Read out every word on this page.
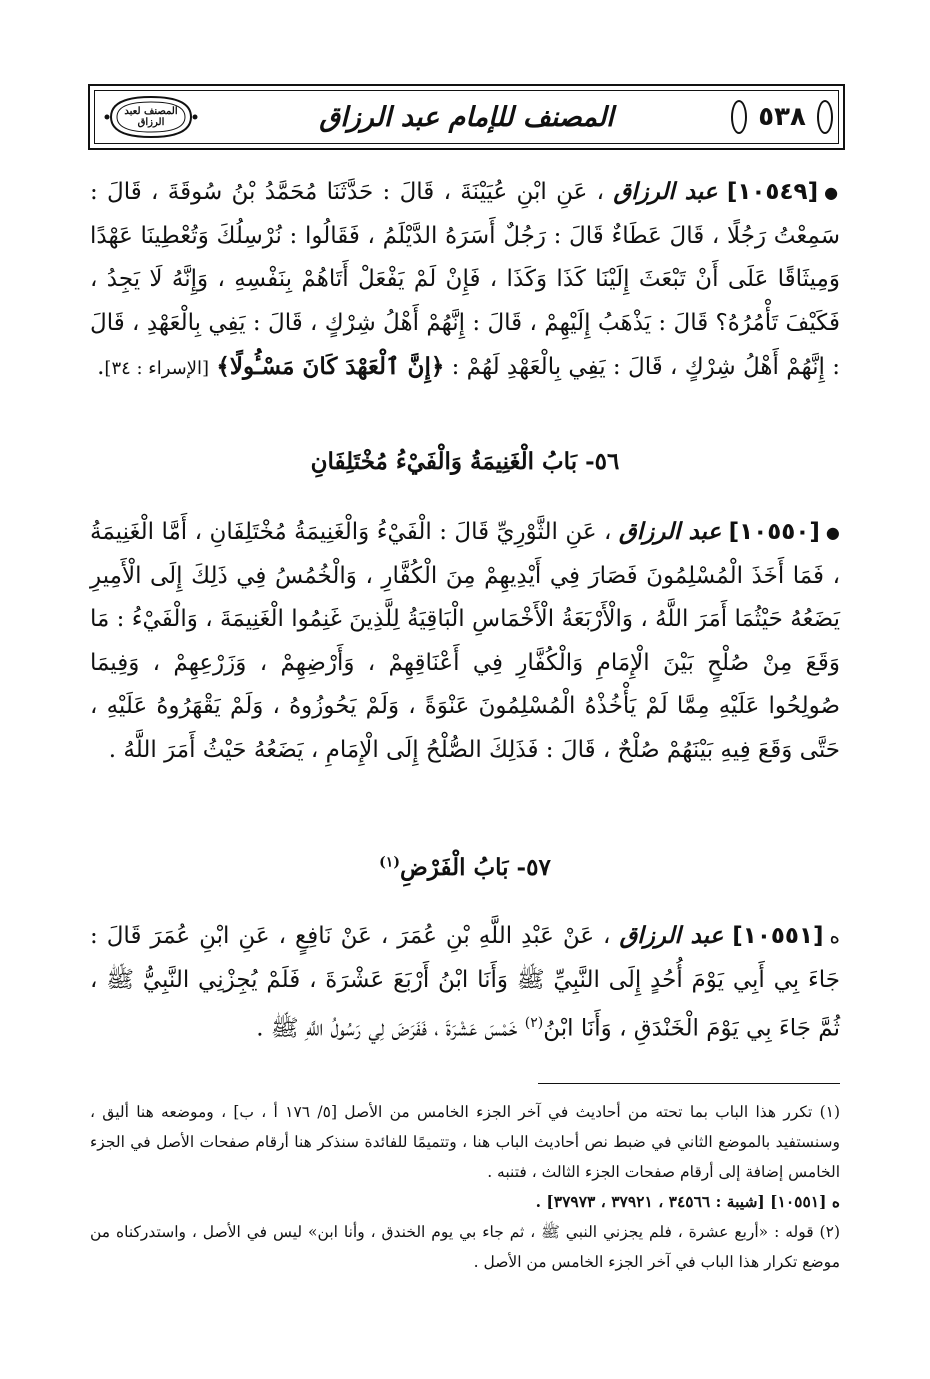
٥٣٨
المصنف للإمام عبد الرزاق
المصنف لعبد الرزاق

●[١٠٥٤٩] عبد الرزاق ، عَنِ ابْنِ عُيَيْنَةَ ، قَالَ : حَدَّثَنَا مُحَمَّدُ بْنُ سُوقَةَ ، قَالَ : سَمِعْتُ رَجُلًا ، قَالَ عَطَاءٌ قَالَ : رَجُلٌ أَسَرَهُ الدَّيْلَمُ ، فَقَالُوا : نُرْسِلُكَ وَتُعْطِينَا عَهْدًا وَمِيثَاقًا عَلَى أَنْ تَبْعَثَ إِلَيْنَا كَذَا وَكَذَا ، فَإِنْ لَمْ يَفْعَلْ أَتَاهُمْ بِنَفْسِهِ ، وَإِنَّهُ لَا يَجِدُ ، فَكَيْفَ تَأْمُرُهُ؟ قَالَ : يَذْهَبُ إِلَيْهِمْ ، قَالَ : إِنَّهُمْ أَهْلُ شِرْكٍ ، قَالَ : يَفِي بِالْعَهْدِ ، قَالَ : إِنَّهُمْ أَهْلُ شِرْكٍ ، قَالَ : يَفِي بِالْعَهْدِ لَهُمْ : ﴿إِنَّ ٱلْعَهْدَ كَانَ مَسْـُٔولًا﴾ [الإسراء : ٣٤].

٥٦- بَابُ الْغَنِيمَةُ وَالْفَيْءُ مُخْتَلِفَانِ

●[١٠٥٥٠] عبد الرزاق ، عَنِ الثَّوْرِيِّ قَالَ : الْفَيْءُ وَالْغَنِيمَةُ مُخْتَلِفَانِ ، أَمَّا الْغَنِيمَةُ ، فَمَا أَخَذَ الْمُسْلِمُونَ فَصَارَ فِي أَيْدِيهِمْ مِنَ الْكُفَّارِ ، وَالْخُمُسُ فِي ذَلِكَ إِلَى الْأَمِيرِ يَضَعُهُ حَيْثُمَا أَمَرَ اللَّهُ ، وَالْأَرْبَعَةُ الْأَخْمَاسِ الْبَاقِيَةُ لِلَّذِينَ غَنِمُوا الْغَنِيمَةَ ، وَالْفَيْءُ : مَا وَقَعَ مِنْ صُلْحٍ بَيْنَ الْإِمَامِ وَالْكُفَّارِ فِي أَعْنَاقِهِمْ ، وَأَرْضِهِمْ ، وَزَرْعِهِمْ ، وَفِيمَا صُولِحُوا عَلَيْهِ مِمَّا لَمْ يَأْخُذْهُ الْمُسْلِمُونَ عَنْوَةً ، وَلَمْ يَحُوزُوهُ ، وَلَمْ يَقْهَرُوهُ عَلَيْهِ ، حَتَّى وَقَعَ فِيهِ بَيْنَهُمْ صُلْحٌ ، قَالَ : فَذَلِكَ الصُّلْحُ إِلَى الْإِمَامِ ، يَضَعُهُ حَيْثُ أَمَرَ اللَّهُ .

٥٧- بَابُ الْفَرْضِ$^{(١)}$

ه[١٠٥٥١] عبد الرزاق ، عَنْ عَبْدِ اللَّهِ بْنِ عُمَرَ ، عَنْ نَافِعٍ ، عَنِ ابْنِ عُمَرَ قَالَ : جَاءَ بِي أَبِي يَوْمَ أُحُدٍ إِلَى النَّبِيِّ ﷺ وَأَنَا ابْنُ أَرْبَعَ عَشْرَةَ ، فَلَمْ يُجِزْنِي النَّبِيُّ ﷺ ، ثُمَّ جَاءَ بِي يَوْمَ الْخَنْدَقِ ، وَأَنَا ابْنُ$^{(٢)}$ خَمْسَ عَشْرَةَ ، فَفَرَضَ لِي رَسُولُ اللَّهِ ﷺ .

(١) تكرر هذا الباب بما تحته من أحاديث في آخر الجزء الخامس من الأصل [٥/ ١٧٦ أ ، ب] ، وموضعه هنا أليق ، وسنستفيد بالموضع الثاني في ضبط نص أحاديث الباب هنا ، وتتميمًا للفائدة سنذكر هنا أرقام صفحات الأصل في الجزء الخامس إضافة إلى أرقام صفحات الجزء الثالث ، فتنبه .

ه [١٠٥٥١] [شيبة : ٣٤٥٦٦ ، ٣٧٩٢١ ، ٣٧٩٧٣] .

(٢) قوله : «أربع عشرة ، فلم يجزني النبي ﷺ ، ثم جاء بي يوم الخندق ، وأنا ابن» ليس في الأصل ، واستدركناه من موضع تكرار هذا الباب في آخر الجزء الخامس من الأصل .
